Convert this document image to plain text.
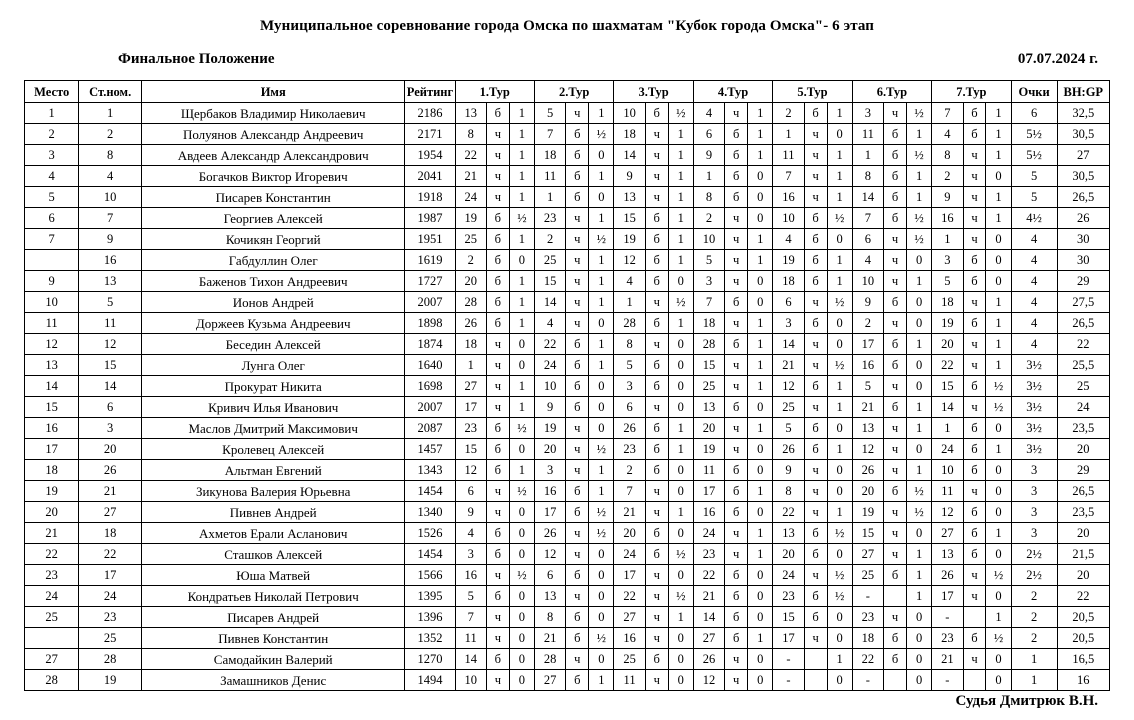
Муниципальное соревнование города Омска по шахматам "Кубок города Омска"- 6 этап
Финальное Положение	07.07.2024 г.
Место	Ст.ном.	Имя	Рейтинг	1.Тур			2.Тур			3.Тур			4.Тур			5.Тур			6.Тур			7.Тур			Очки	BH:GP
1	1	Щербаков Владимир Николаевич	2186	13	б	1	5	ч	1	10	б	½	4	ч	1	2	б	1	3	ч	½	7	б	1	6	32,5
2	2	Полуянов Александр Андреевич	2171	8	ч	1	7	б	½	18	ч	1	6	б	1	1	ч	0	11	б	1	4	б	1	5½	30,5
3	8	Авдеев Александр Александрович	1954	22	ч	1	18	б	0	14	ч	1	9	б	1	11	ч	1	1	б	½	8	ч	1	5½	27
4	4	Богачков Виктор Игоревич	2041	21	ч	1	11	б	1	9	ч	1	1	б	0	7	ч	1	8	б	1	2	ч	0	5	30,5
5	10	Писарев Константин	1918	24	ч	1	1	б	0	13	ч	1	8	б	0	16	ч	1	14	б	1	9	ч	1	5	26,5
6	7	Георгиев Алексей	1987	19	б	½	23	ч	1	15	б	1	2	ч	0	10	б	½	7	б	½	16	ч	1	4½	26
7	9	Кочикян Георгий	1951	25	б	1	2	ч	½	19	б	1	10	ч	1	4	б	0	6	ч	½	1	ч	0	4	30
	16	Габдуллин Олег	1619	2	б	0	25	ч	1	12	б	1	5	ч	1	19	б	1	4	ч	0	3	б	0	4	30
9	13	Баженов Тихон Андреевич	1727	20	б	1	15	ч	1	4	б	0	3	ч	0	18	б	1	10	ч	1	5	б	0	4	29
10	5	Ионов Андрей	2007	28	б	1	14	ч	1	1	ч	½	7	б	0	6	ч	½	9	б	0	18	ч	1	4	27,5
11	11	Доржеев Кузьма Андреевич	1898	26	б	1	4	ч	0	28	б	1	18	ч	1	3	б	0	2	ч	0	19	б	1	4	26,5
12	12	Беседин Алексей	1874	18	ч	0	22	б	1	8	ч	0	28	б	1	14	ч	0	17	б	1	20	ч	1	4	22
13	15	Лунга Олег	1640	1	ч	0	24	б	1	5	б	0	15	ч	1	21	ч	½	16	б	0	22	ч	1	3½	25,5
14	14	Прокурат Никита	1698	27	ч	1	10	б	0	3	б	0	25	ч	1	12	б	1	5	ч	0	15	б	½	3½	25
15	6	Кривич Илья Иванович	2007	17	ч	1	9	б	0	6	ч	0	13	б	0	25	ч	1	21	б	1	14	ч	½	3½	24
16	3	Маслов Дмитрий Максимович	2087	23	б	½	19	ч	0	26	б	1	20	ч	1	5	б	0	13	ч	1	1	б	0	3½	23,5
17	20	Кролевец Алексей	1457	15	б	0	20	ч	½	23	б	1	19	ч	0	26	б	1	12	ч	0	24	б	1	3½	20
18	26	Альтман Евгений	1343	12	б	1	3	ч	1	2	б	0	11	б	0	9	ч	0	26	ч	1	10	б	0	3	29
19	21	Зикунова Валерия Юрьевна	1454	6	ч	½	16	б	1	7	ч	0	17	б	1	8	ч	0	20	б	½	11	ч	0	3	26,5
20	27	Пивнев Андрей	1340	9	ч	0	17	б	½	21	ч	1	16	б	0	22	ч	1	19	ч	½	12	б	0	3	23,5
21	18	Ахметов Ерали Асланович	1526	4	б	0	26	ч	½	20	б	0	24	ч	1	13	б	½	15	ч	0	27	б	1	3	20
22	22	Сташков Алексей	1454	3	б	0	12	ч	0	24	б	½	23	ч	1	20	б	0	27	ч	1	13	б	0	2½	21,5
23	17	Юша Матвей	1566	16	ч	½	6	б	0	17	ч	0	22	б	0	24	ч	½	25	б	1	26	ч	½	2½	20
24	24	Кондратьев Николай Петрович	1395	5	б	0	13	ч	0	22	ч	½	21	б	0	23	б	½	-		1	17	ч	0	2	22
25	23	Писарев Андрей	1396	7	ч	0	8	б	0	27	ч	1	14	б	0	15	б	0	23	ч	0	-		1	2	20,5
	25	Пивнев Константин	1352	11	ч	0	21	б	½	16	ч	0	27	б	1	17	ч	0	18	б	0	23	б	½	2	20,5
27	28	Самодайкин Валерий	1270	14	б	0	28	ч	0	25	б	0	26	ч	0	-		1	22	б	0	21	ч	0	1	16,5
28	19	Замашников Денис	1494	10	ч	0	27	б	1	11	ч	0	12	ч	0	-		0	-		0	-		0	1	16
Судья Дмитрюк В.Н.
